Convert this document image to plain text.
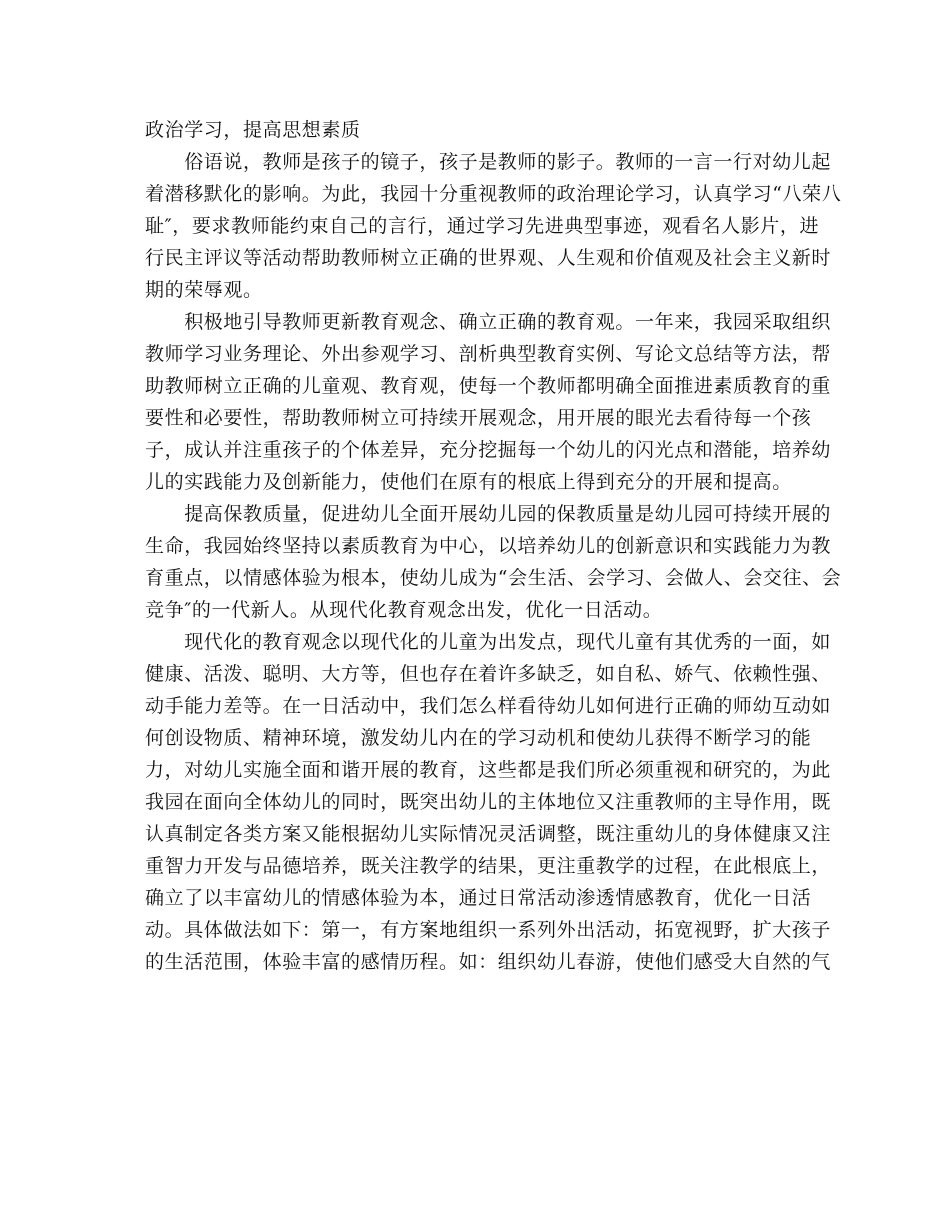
政治学习，提高思想素质
　　俗语说，教师是孩子的镜子，孩子是教师的影子。教师的一言一行对幼儿起
着潜移默化的影响。为此，我园十分重视教师的政治理论学习，认真学习“八荣八
耻″，要求教师能约束自己的言行，通过学习先进典型事迹，观看名人影片，进
行民主评议等活动帮助教师树立正确的世界观、人生观和价值观及社会主义新时
期的荣辱观。
　　积极地引导教师更新教育观念、确立正确的教育观。一年来，我园采取组织
教师学习业务理论、外出参观学习、剖析典型教育实例、写论文总结等方法，帮
助教师树立正确的儿童观、教育观，使每一个教师都明确全面推进素质教育的重
要性和必要性，帮助教师树立可持续开展观念，用开展的眼光去看待每一个孩
子，成认并注重孩子的个体差异，充分挖掘每一个幼儿的闪光点和潜能，培养幼
儿的实践能力及创新能力，使他们在原有的根底上得到充分的开展和提高。
　　提高保教质量，促进幼儿全面开展幼儿园的保教质量是幼儿园可持续开展的
生命，我园始终坚持以素质教育为中心，以培养幼儿的创新意识和实践能力为教
育重点，以情感体验为根本，使幼儿成为“会生活、会学习、会做人、会交往、会
竞争″的一代新人。从现代化教育观念出发，优化一日活动。
　　现代化的教育观念以现代化的儿童为出发点，现代儿童有其优秀的一面，如
健康、活泼、聪明、大方等，但也存在着许多缺乏，如自私、娇气、依赖性强、
动手能力差等。在一日活动中，我们怎么样看待幼儿如何进行正确的师幼互动如
何创设物质、精神环境，激发幼儿内在的学习动机和使幼儿获得不断学习的能
力，对幼儿实施全面和谐开展的教育，这些都是我们所必须重视和研究的，为此
我园在面向全体幼儿的同时，既突出幼儿的主体地位又注重教师的主导作用，既
认真制定各类方案又能根据幼儿实际情况灵活调整，既注重幼儿的身体健康又注
重智力开发与品德培养，既关注教学的结果，更注重教学的过程，在此根底上，
确立了以丰富幼儿的情感体验为本，通过日常活动渗透情感教育，优化一日活
动。具体做法如下：第一，有方案地组织一系列外出活动，拓宽视野，扩大孩子
的生活范围，体验丰富的感情历程。如：组织幼儿春游，使他们感受大自然的气
